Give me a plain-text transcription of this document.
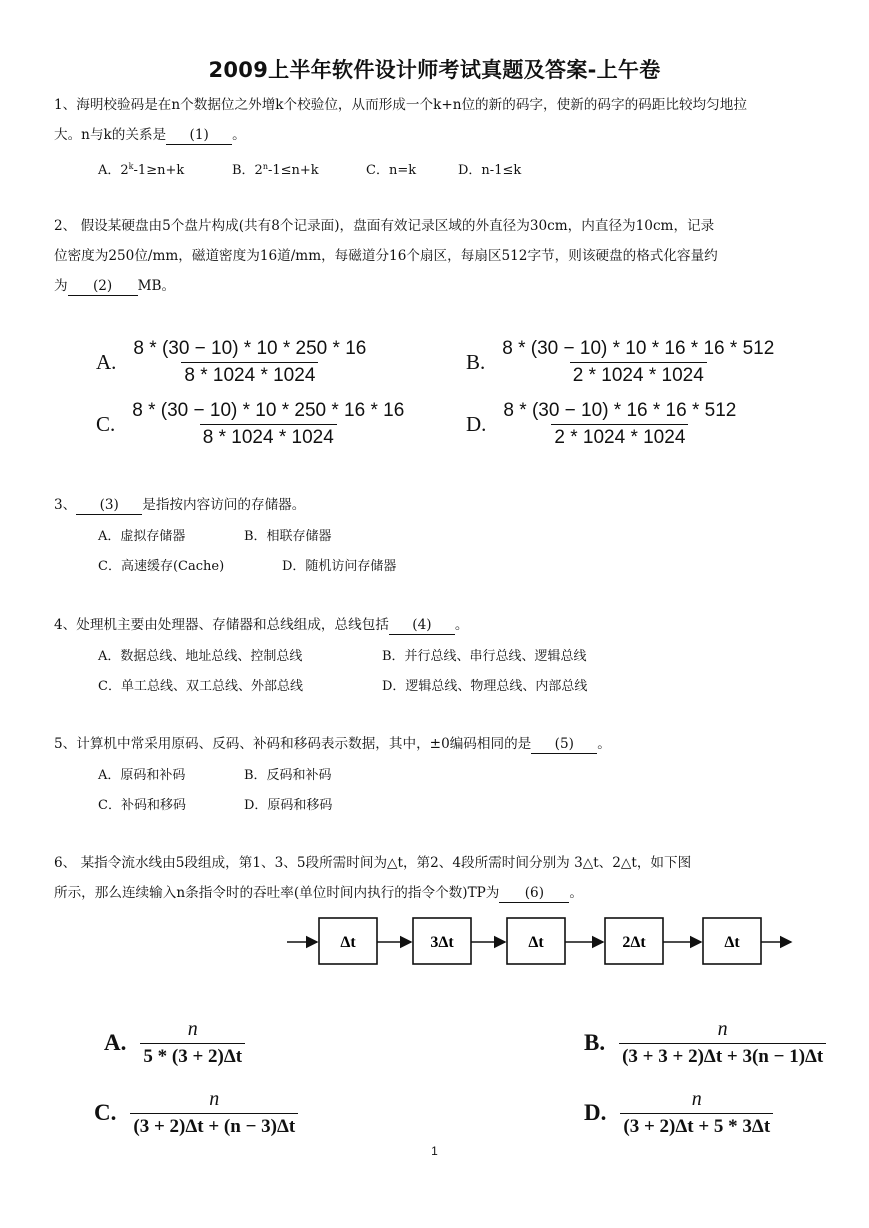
2009上半年软件设计师考试真题及答案-上午卷
1、海明校验码是在n个数据位之外增k个校验位，从而形成一个k+n位的新的码字，使新的码字的码距比较均匀地拉
大。n与k的关系是 (1) 。
A．$2^k-1\ge n+k$	B．$2^n-1\le n+k$	C．n=k	D．n-1≤k
2、 假设某硬盘由5个盘片构成(共有8个记录面)，盘面有效记录区域的外直径为30cm，内直径为10cm，记录
位密度为250位/mm，磁道密度为16道/mm，每磁道分16个扇区，每扇区512字节，则该硬盘的格式化容量约
为 (2) MB。
A. $\frac{8 * (30 - 10) * 10 * 250 * 16}{8 * 1024 * 1024}$	B. $\frac{8 * (30 - 10) * 10 * 16 * 16 * 512}{2 * 1024 * 1024}$
C. $\frac{8 * (30 - 10) * 10 * 250 * 16 * 16}{8 * 1024 * 1024}$	D. $\frac{8 * (30 - 10) * 16 * 16 * 512}{2 * 1024 * 1024}$
3、 (3) 是指按内容访问的存储器。
A．虚拟存储器	B．相联存储器
C．高速缓存(Cache)	D．随机访问存储器
4、处理机主要由处理器、存储器和总线组成，总线包括 (4) 。
A．数据总线、地址总线、控制总线	B．并行总线、串行总线、逻辑总线
C．单工总线、双工总线、外部总线	D．逻辑总线、物理总线、内部总线
5、计算机中常采用原码、反码、补码和移码表示数据，其中，±0编码相同的是 (5) 。
A．原码和补码	B．反码和补码
C．补码和移码	D．原码和移码
6、 某指令流水线由5段组成，第1、3、5段所需时间为△t，第2、4段所需时间分别为 3△t、2△t，如下图
所示，那么连续输入n条指令时的吞吐率(单位时间内执行的指令个数)TP为 (6) 。
Δt	3Δt	Δt	2Δt	Δt
A. $\frac{n}{5 * (3 + 2)\Delta t}$	B. $\frac{n}{(3 + 3 + 2)\Delta t + 3(n - 1)\Delta t}$
C. $\frac{n}{(3 + 2)\Delta t + (n - 3)\Delta t}$	D. $\frac{n}{(3 + 2)\Delta t + 5 * 3\Delta t}$
1
